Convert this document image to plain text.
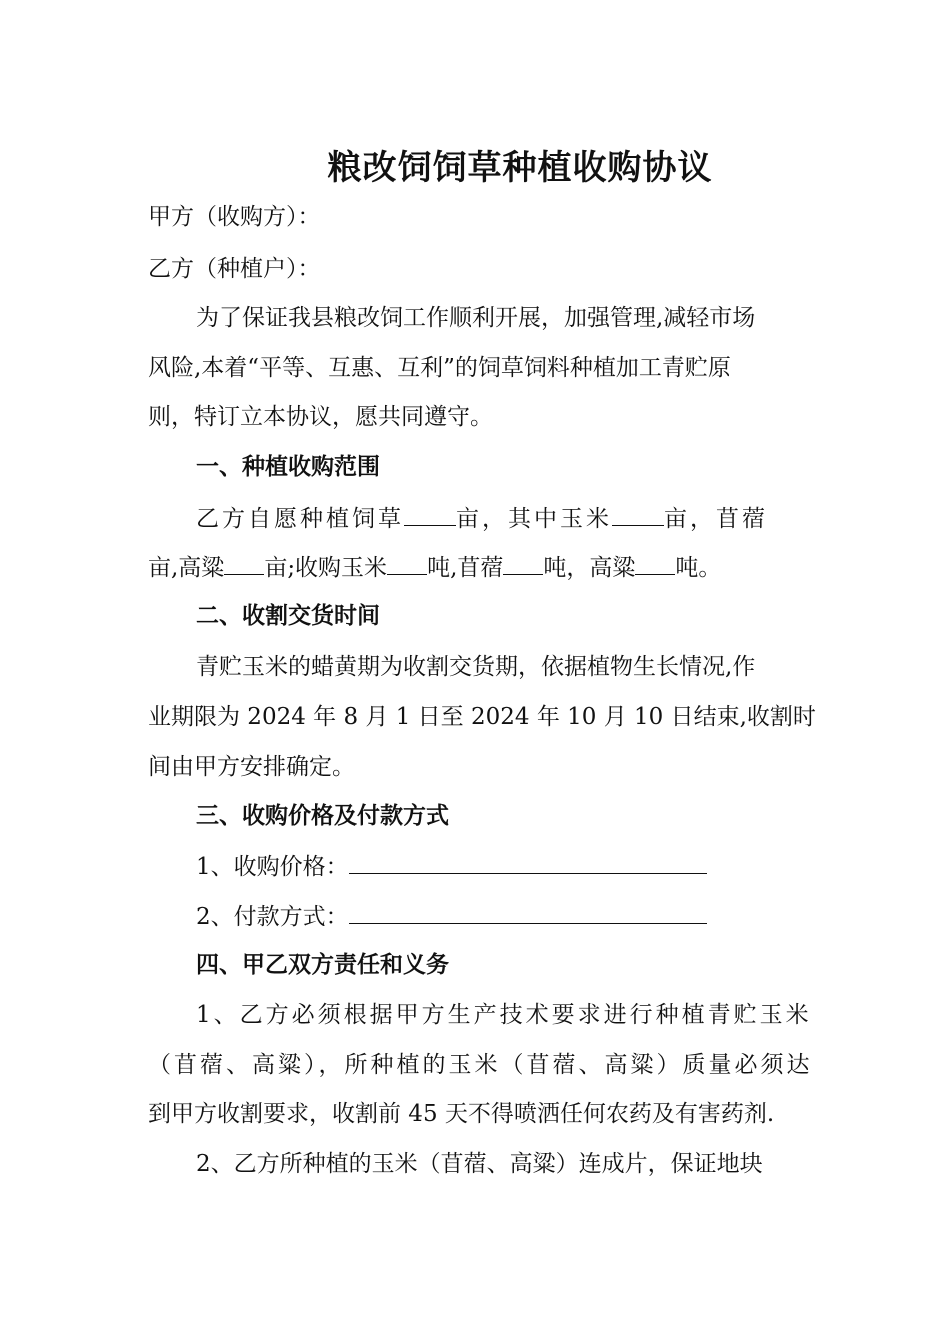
粮改饲饲草种植收购协议
甲方（收购方）：
乙方（种植户）：
为了保证我县粮改饲工作顺利开展，加强管理,减轻市场
风险,本着“平等、互惠、互利”的饲草饲料种植加工青贮原
则，特订立本协议，愿共同遵守。
一、种植收购范围
乙方自愿种植饲草 亩，其中玉米 亩，苜蓿
亩,高粱 亩;收购玉米 吨,苜蓿 吨，高粱 吨。
二、收割交货时间
青贮玉米的蜡黄期为收割交货期，依据植物生长情况,作
业期限为 2024 年 8 月 1 日至 2024 年 10 月 10 日结束,收割时
间由甲方安排确定。
三、收购价格及付款方式
1、收购价格：
2、付款方式：
四、甲乙双方责任和义务
1、乙方必须根据甲方生产技术要求进行种植青贮玉米
（苜蓿、高粱），所种植的玉米（苜蓿、高粱）质量必须达
到甲方收割要求，收割前 45 天不得喷洒任何农药及有害药剂.
2、乙方所种植的玉米（苜蓿、高粱）连成片，保证地块
